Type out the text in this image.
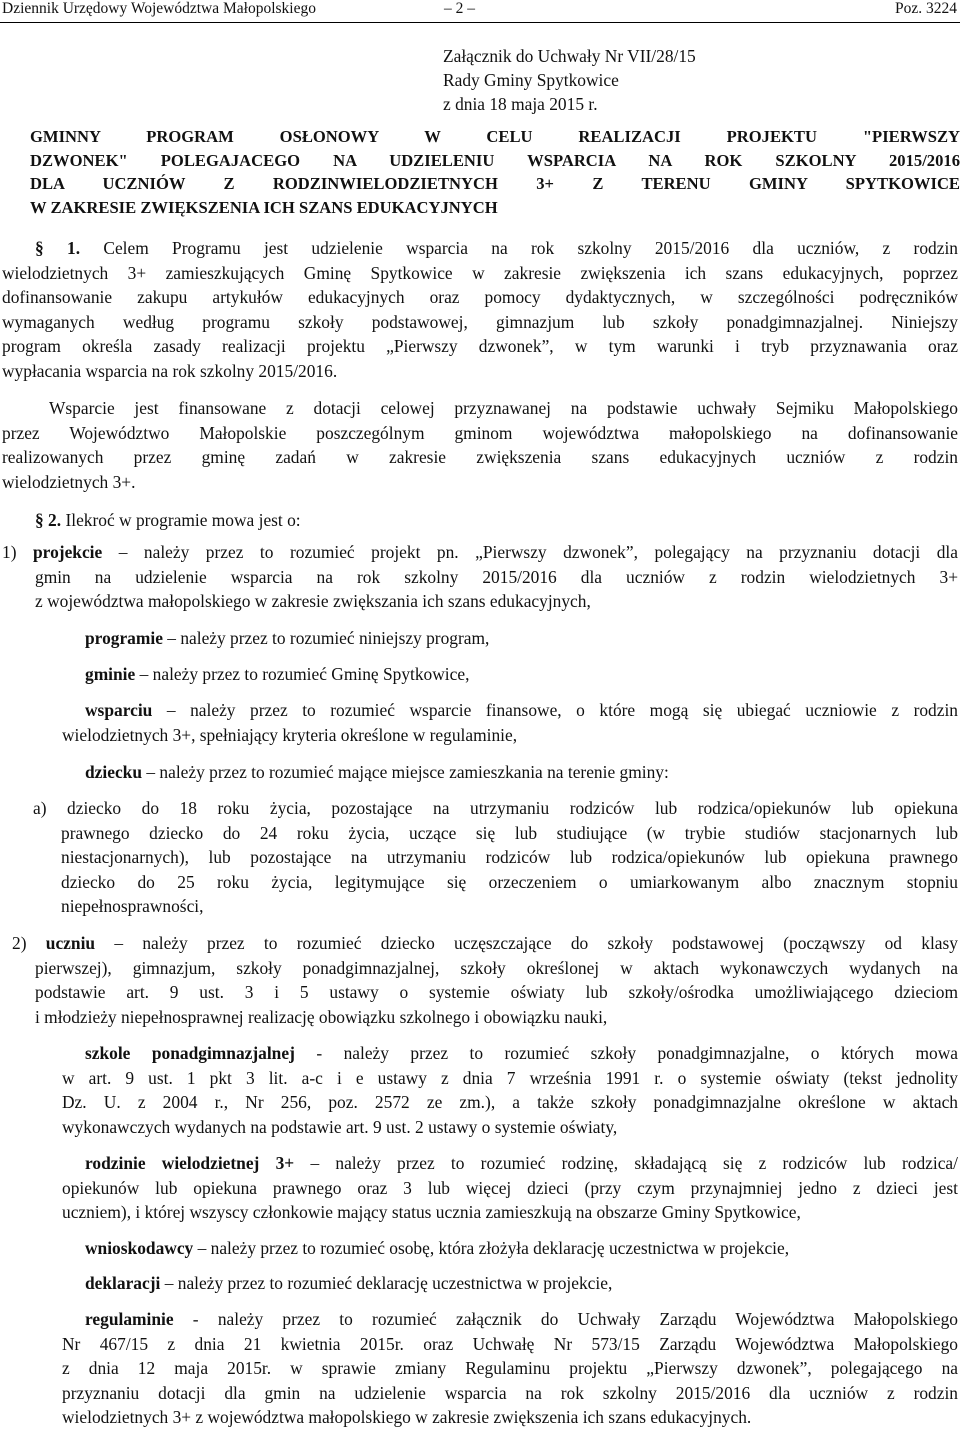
Dziennik Urzędowy Województwa Małopolskiego	– 2 –	Poz. 3224
Załącznik do Uchwały Nr VII/28/15
Rady Gminy Spytkowice
z dnia 18 maja 2015 r.
GMINNY PROGRAM OSŁONOWY W CELU REALIZACJI PROJEKTU "PIERWSZY
DZWONEK" POLEGAJACEGO NA UDZIELENIU WSPARCIA NA ROK SZKOLNY 2015/2016
DLA UCZNIÓW Z RODZINWIELODZIETNYCH 3+ Z TERENU GMINY SPYTKOWICE
W ZAKRESIE ZWIĘKSZENIA ICH SZANS EDUKACYJNYCH
§ 1. Celem Programu jest udzielenie wsparcia na rok szkolny 2015/2016 dla uczniów, z rodzin
wielodzietnych 3+ zamieszkujących Gminę Spytkowice w zakresie zwiększenia ich szans edukacyjnych, poprzez
dofinansowanie zakupu artykułów edukacyjnych oraz pomocy dydaktycznych, w szczególności podręczników
wymaganych według programu szkoły podstawowej, gimnazjum lub szkoły ponadgimnazjalnej. Niniejszy
program określa zasady realizacji projektu „Pierwszy dzwonek”, w tym warunki i tryb przyznawania oraz
wypłacania wsparcia na rok szkolny 2015/2016.
Wsparcie jest finansowane z dotacji celowej przyznawanej na podstawie uchwały Sejmiku Małopolskiego
przez Województwo Małopolskie poszczególnym gminom województwa małopolskiego na dofinansowanie
realizowanych przez gminę zadań w zakresie zwiększenia szans edukacyjnych uczniów z rodzin
wielodzietnych 3+.
§ 2. Ilekroć w programie mowa jest o:
1) projekcie – należy przez to rozumieć projekt pn. „Pierwszy dzwonek”, polegający na przyznaniu dotacji dla
gmin na udzielenie wsparcia na rok szkolny 2015/2016 dla uczniów z rodzin wielodzietnych 3+
z województwa małopolskiego w zakresie zwiększania ich szans edukacyjnych,
programie – należy przez to rozumieć niniejszy program,
gminie – należy przez to rozumieć Gminę Spytkowice,
wsparciu – należy przez to rozumieć wsparcie finansowe, o które mogą się ubiegać uczniowie z rodzin
wielodzietnych 3+, spełniający kryteria określone w regulaminie,
dziecku – należy przez to rozumieć mające miejsce zamieszkania na terenie gminy:
a) dziecko do 18 roku życia, pozostające na utrzymaniu rodziców lub rodzica/opiekunów lub opiekuna
prawnego dziecko do 24 roku życia, uczące się lub studiujące (w trybie studiów stacjonarnych lub
niestacjonarnych), lub pozostające na utrzymaniu rodziców lub rodzica/opiekunów lub opiekuna prawnego
dziecko do 25 roku życia, legitymujące się orzeczeniem o umiarkowanym albo znacznym stopniu
niepełnosprawności,
2) uczniu – należy przez to rozumieć dziecko uczęszczające do szkoły podstawowej (począwszy od klasy
pierwszej), gimnazjum, szkoły ponadgimnazjalnej, szkoły określonej w aktach wykonawczych wydanych na
podstawie art. 9 ust. 3 i 5 ustawy o systemie oświaty lub szkoły/ośrodka umożliwiającego dzieciom
i młodzieży niepełnosprawnej realizację obowiązku szkolnego i obowiązku nauki,
szkole ponadgimnazjalnej - należy przez to rozumieć szkoły ponadgimnazjalne, o których mowa
w art. 9 ust. 1 pkt 3 lit. a-c i e ustawy z dnia 7 września 1991 r. o systemie oświaty (tekst jednolity
Dz. U. z 2004 r., Nr 256, poz. 2572 ze zm.), a także szkoły ponadgimnazjalne określone w aktach
wykonawczych wydanych na podstawie art. 9 ust. 2 ustawy o systemie oświaty,
rodzinie wielodzietnej 3+ – należy przez to rozumieć rodzinę, składającą się z rodziców lub rodzica/
opiekunów lub opiekuna prawnego oraz 3 lub więcej dzieci (przy czym przynajmniej jedno z dzieci jest
uczniem), i której wszyscy członkowie mający status ucznia zamieszkują na obszarze Gminy Spytkowice,
wnioskodawcy – należy przez to rozumieć osobę, która złożyła deklarację uczestnictwa w projekcie,
deklaracji – należy przez to rozumieć deklarację uczestnictwa w projekcie,
regulaminie - należy przez to rozumieć załącznik do Uchwały Zarządu Województwa Małopolskiego
Nr 467/15 z dnia 21 kwietnia 2015r. oraz Uchwałę Nr 573/15 Zarządu Województwa Małopolskiego
z dnia 12 maja 2015r. w sprawie zmiany Regulaminu projektu „Pierwszy dzwonek”, polegającego na
przyznaniu dotacji dla gmin na udzielenie wsparcia na rok szkolny 2015/2016 dla uczniów z rodzin
wielodzietnych 3+ z województwa małopolskiego w zakresie zwiększenia ich szans edukacyjnych.
